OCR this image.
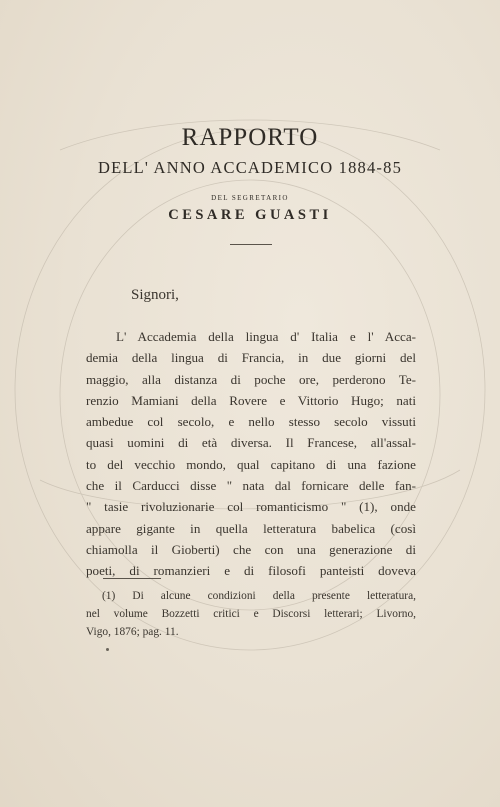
RAPPORTO
DELL' ANNO ACCADEMICO 1884-85
DEL SEGRETARIO
CESARE GUASTI
Signori,
L' Accademia della lingua d' Italia e l' Acca-
demia della lingua di Francia, in due giorni del
maggio, alla distanza di poche ore, perderono Te-
renzio Mamiani della Rovere e Vittorio Hugo; nati
ambedue col secolo, e nello stesso secolo vissuti
quasi uomini di età diversa. Il Francese, all'assal-
to del vecchio mondo, qual capitano di una fazione
che il Carducci disse " nata dal fornicare delle fan-
" tasie rivoluzionarie col romanticismo " (1), onde
appare gigante in quella letteratura babelica (così
chiamolla il Gioberti) che con una generazione di
poeti, di romanzieri e di filosofi panteisti doveva
(1) Di alcune condizioni della presente letteratura,
nel volume Bozzetti critici e Discorsi letterari; Livorno,
Vigo, 1876; pag. 11.
